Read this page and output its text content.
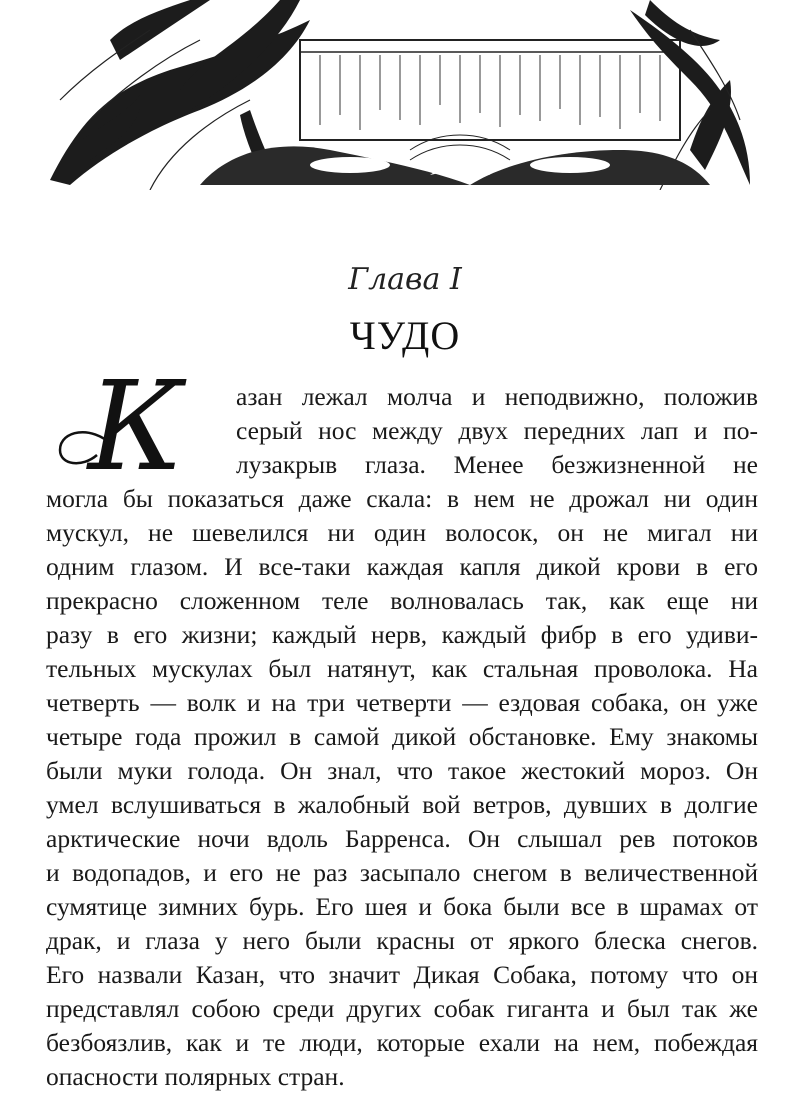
Глава I
ЧУДО
К	азан лежал молча и неподвижно, положив
серый нос между двух передних лап и по-
лузакрыв глаза. Менее безжизненной не
могла бы показаться даже скала: в нем не дрожал ни один
мускул, не шевелился ни один волосок, он не мигал ни
одним глазом. И все-таки каждая капля дикой крови в его
прекрасно сложенном теле волновалась так, как еще ни
разу в его жизни; каждый нерв, каждый фибр в его удиви-
тельных мускулах был натянут, как стальная проволока. На
четверть — волк и на три четверти — ездовая собака, он уже
четыре года прожил в самой дикой обстановке. Ему знакомы
были муки голода. Он знал, что такое жестокий мороз. Он
умел вслушиваться в жалобный вой ветров, дувших в долгие
арктические ночи вдоль Барренса. Он слышал рев потоков
и водопадов, и его не раз засыпало снегом в величественной
сумятице зимних бурь. Его шея и бока были все в шрамах от
драк, и глаза у него были красны от яркого блеска снегов.
Его назвали Казан, что значит Дикая Собака, потому что он
представлял собою среди других собак гиганта и был так же
безбоязлив, как и те люди, которые ехали на нем, побеждая
опасности полярных стран.
